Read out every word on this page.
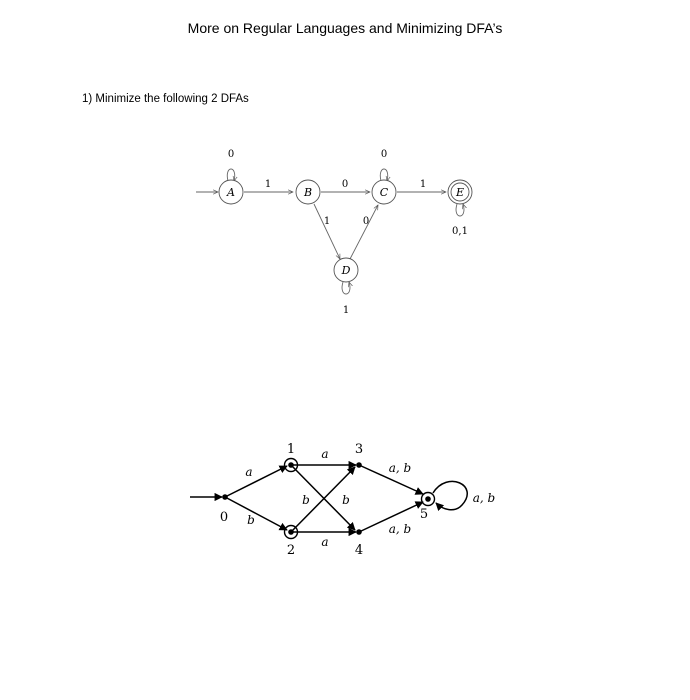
More on Regular Languages and Minimizing DFA’s
1) Minimize the following 2 DFAs
A	B	C
D
E
0
1	0
1
0
1
0
1
0,1
0
1
2
3
4
5
a
b
a
b	b
a
a, b
a, b
a, b
